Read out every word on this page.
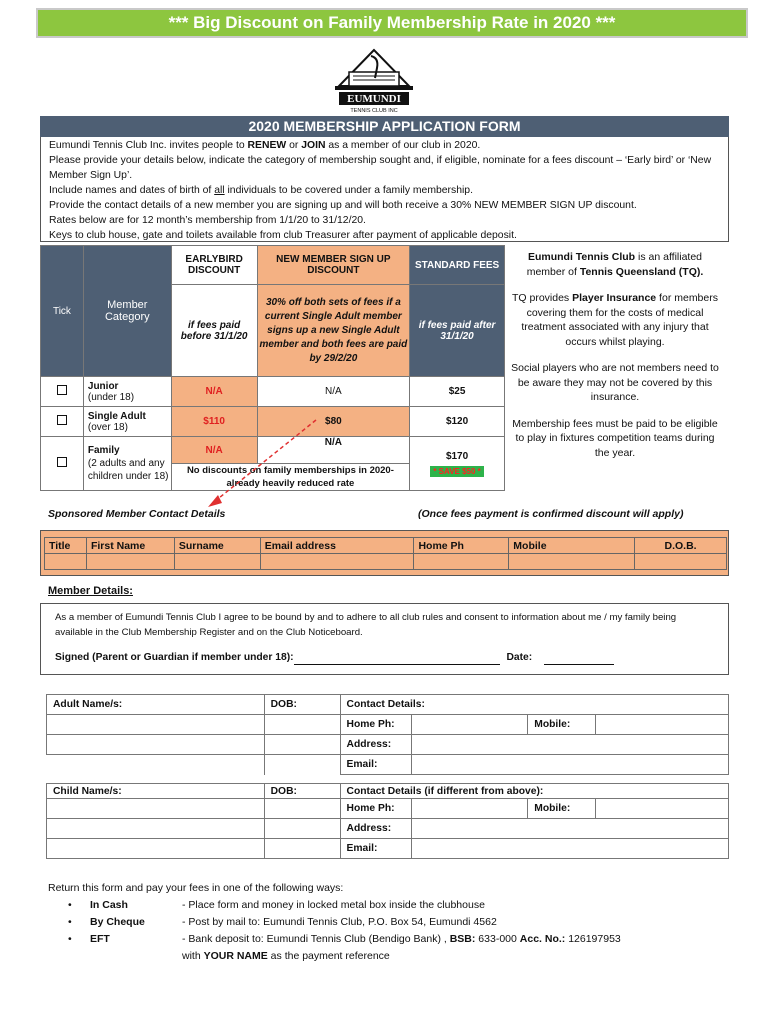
*** Big Discount on Family Membership Rate in 2020 ***
EUMUNDI
TENNIS CLUB INC
2020 MEMBERSHIP APPLICATION FORM

Eumundi Tennis Club Inc. invites people to RENEW or JOIN as a member of our club in 2020.

Please provide your details below, indicate the category of membership sought and, if eligible, nominate for a fees discount – ‘Early bird’ or ‘New Member Sign Up’.

Include names and dates of birth of all individuals to be covered under a family membership.

Provide the contact details of a new member you are signing up and will both receive a 30% NEW MEMBER SIGN UP discount.

Rates below are for 12 month’s membership from 1/1/20 to 31/12/20.

Keys to club house, gate and toilets available from club Treasurer after payment of applicable deposit.

Tick	Member Category	EARLYBIRD DISCOUNT	NEW MEMBER SIGN UP DISCOUNT	STANDARD FEES
		if fees paid before 31/1/20	30% off both sets of fees if a current Single Adult member signs up a new Single Adult member and both fees are paid by 29/2/20	if fees paid after 31/1/20
	Junior
(under 18)	N/A	N/A	$25
	Single Adult
(over 18)	$110	$80	$120
	Family
(2 adults and any children under 18)	N/A	N/A	$170
* SAVE $50 *
		No discounts on family memberships in 2020-already heavily reduced rate		

Eumundi Tennis Club is an affiliated member of Tennis Queensland (TQ).

TQ provides Player Insurance for members covering them for the costs of medical treatment associated with any injury that occurs whilst playing.

Social players who are not members need to be aware they may not be covered by this insurance.

Membership fees must be paid to be eligible to play in fixtures competition teams during the year.

Sponsored Member Contact Details	(Once fees payment is confirmed discount will apply)
Title	First Name	Surname	Email address	Home Ph	Mobile	D.O.B.

Member Details:
As a member of Eumundi Tennis Club I agree to be bound by and to adhere to all club rules and consent to information about me / my family being available in the Club Membership Register and on the Club Noticeboard.
Signed (Parent or Guardian if member under 18):	Date:
Adult Name/s:	DOB:	Contact Details:			
		Home Ph:		Mobile:	
		Address:			
		Email:			
Child Name/s:	DOB:	Contact Details (if different from above):			
		Home Ph:		Mobile:	
		Address:			
		Email:			
Return this form and pay your fees in one of the following ways:
•	In Cash	- Place form and money in locked metal box inside the clubhouse
•	By Cheque	- Post by mail to: Eumundi Tennis Club, P.O. Box 54, Eumundi 4562
•	EFT	- Bank deposit to: Eumundi Tennis Club (Bendigo Bank) , BSB: 633-000 Acc. No.: 126197953
with YOUR NAME as the payment reference
